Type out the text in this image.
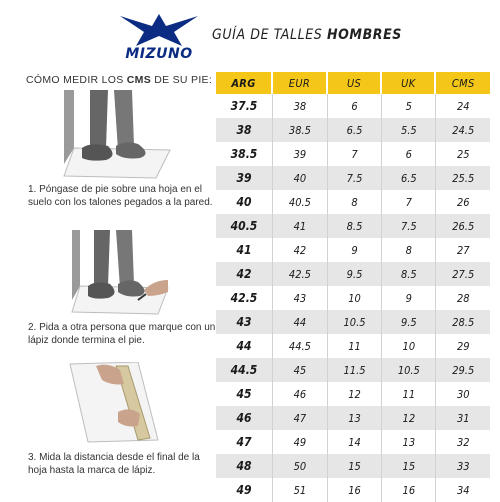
MIZUNO
GUÍA DE TALLES HOMBRES
CÓMO MEDIR LOS CMS DE SU PIE:
1. Póngase de pie sobre una hoja en el suelo con los talones pegados a la pared.
2. Pida a otra persona que marque con un lápiz donde termina el pie.
3. Mida la distancia desde el final de la hoja hasta la marca de lápiz.
ARG	EUR	US	UK	CMS
37.5	38	6	5	24
38	38.5	6.5	5.5	24.5
38.5	39	7	6	25
39	40	7.5	6.5	25.5
40	40.5	8	7	26
40.5	41	8.5	7.5	26.5
41	42	9	8	27
42	42.5	9.5	8.5	27.5
42.5	43	10	9	28
43	44	10.5	9.5	28.5
44	44.5	11	10	29
44.5	45	11.5	10.5	29.5
45	46	12	11	30
46	47	13	12	31
47	49	14	13	32
48	50	15	15	33
49	51	16	16	34
